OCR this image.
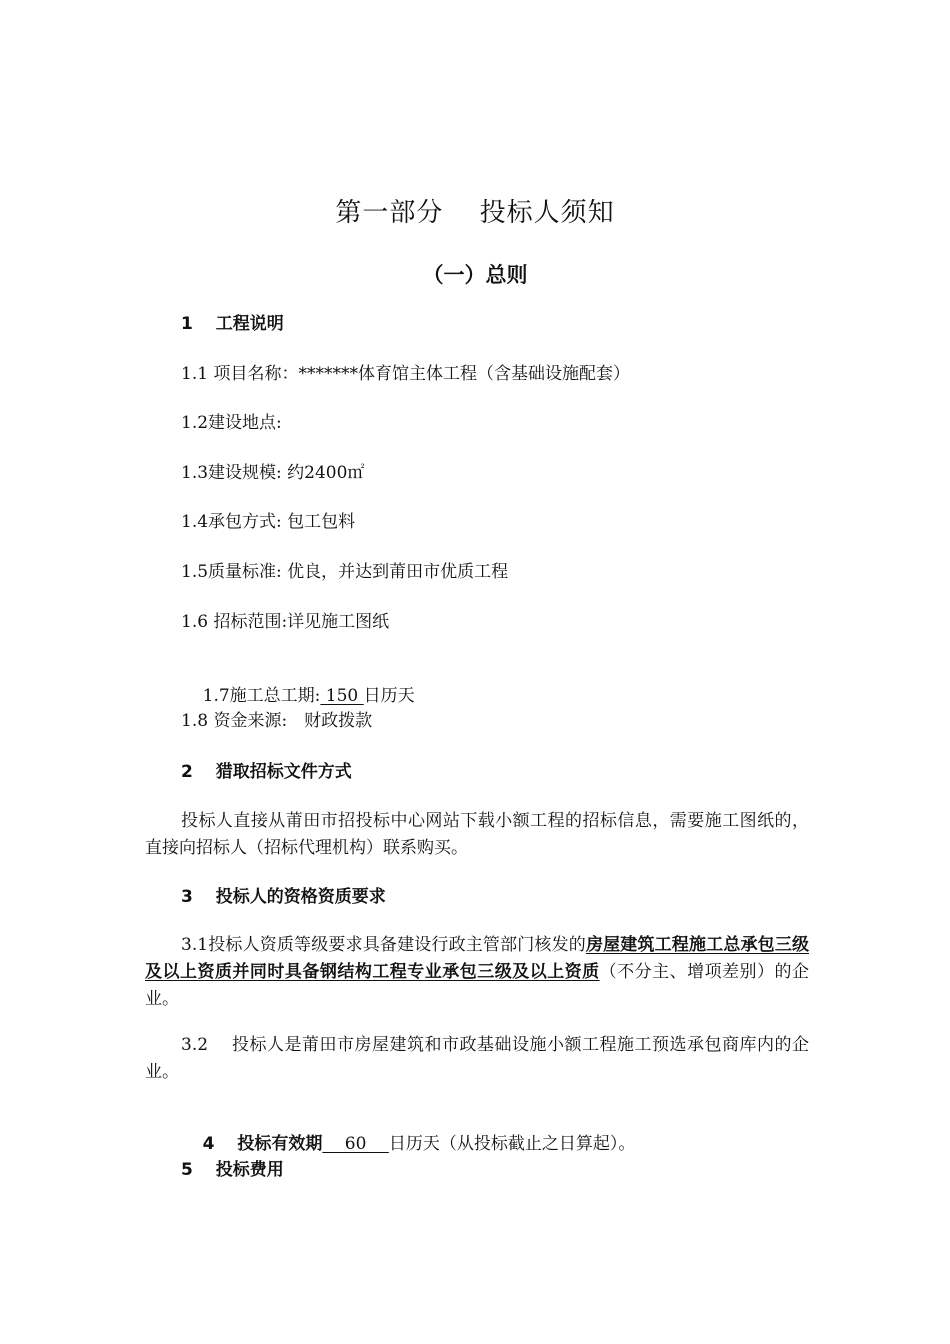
第一部分　 投标人须知
（一）总则
1　 工程说明
1.1 项目名称：*******体育馆主体工程（含基础设施配套）
1.2建设地点:
1.3建设规模: 约2400㎡
1.4承包方式: 包工包料
1.5质量标准: 优良，并达到莆田市优质工程
1.6 招标范围:详见施工图纸

1.7施工总工期: 150 日历天

1.8 资金来源:　财政拨款
2　 猎取招标文件方式
投标人直接从莆田市招投标中心网站下载小额工程的招标信息，需要施工图纸的，直接向招标人（招标代理机构）联系购买。
3　 投标人的资格资质要求
3.1投标人资质等级要求具备建设行政主管部门核发的房屋建筑工程施工总承包三级及以上资质并同时具备钢结构工程专业承包三级及以上资质（不分主、增项差别）的企业。
3.2　 投标人是莆田市房屋建筑和市政基础设施小额工程施工预选承包商库内的企业。

4　 投标有效期　 60　 日历天（从投标截止之日算起）。

5　 投标费用
